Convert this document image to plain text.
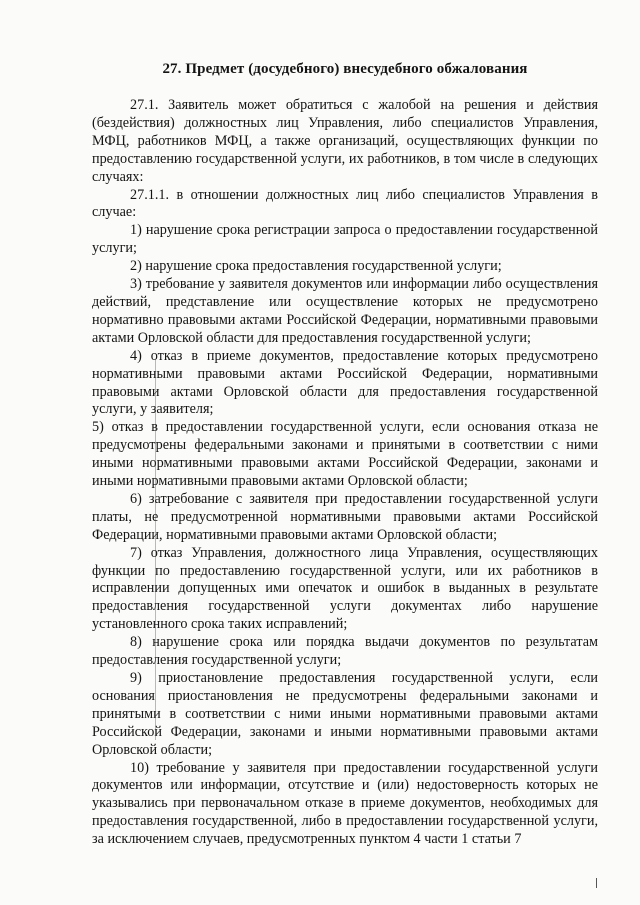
27. Предмет (досудебного) внесудебного обжалования

27.1. Заявитель может обратиться с жалобой на решения и действия (бездействия) должностных лиц Управления, либо специалистов Управления, МФЦ, работников МФЦ, а также организаций, осуществляющих функции по предоставлению государственной услуги, их работников, в том числе в следующих случаях:

27.1.1. в отношении должностных лиц либо специалистов Управления в случае:

1) нарушение срока регистрации запроса о предоставлении государственной услуги;

2) нарушение срока предоставления государственной услуги;

3) требование у заявителя документов или информации либо осуществления действий, представление или осуществление которых не предусмотрено нормативно правовыми актами Российской Федерации, нормативными правовыми актами Орловской области для предоставления государственной услуги;

4) отказ в приеме документов, предоставление которых предусмотрено нормативными правовыми актами Российской Федерации, нормативными правовыми актами Орловской области для предоставления государственной услуги, у заявителя;

5) отказ в предоставлении государственной услуги, если основания отказа не предусмотрены федеральными законами и принятыми в соответствии с ними иными нормативными правовыми актами Российской Федерации, законами и иными нормативными правовыми актами Орловской области;

6) затребование с заявителя при предоставлении государственной услуги платы, не предусмотренной нормативными правовыми актами Российской Федерации, нормативными правовыми актами Орловской области;

7) отказ Управления, должностного лица Управления, осуществляющих функции по предоставлению государственной услуги, или их работников в исправлении допущенных ими опечаток и ошибок в выданных в результате предоставления государственной услуги документах либо нарушение установленного срока таких исправлений;

8) нарушение срока или порядка выдачи документов по результатам предоставления государственной услуги;

9) приостановление предоставления государственной услуги, если основания приостановления не предусмотрены федеральными законами и принятыми в соответствии с ними иными нормативными правовыми актами Российской Федерации, законами и иными нормативными правовыми актами Орловской области;

10) требование у заявителя при предоставлении государственной услуги документов или информации, отсутствие и (или) недостоверность которых не указывались при первоначальном отказе в приеме документов, необходимых для предоставления государственной, либо в предоставлении государственной услуги, за исключением случаев, предусмотренных пунктом 4 части 1 статьи 7
